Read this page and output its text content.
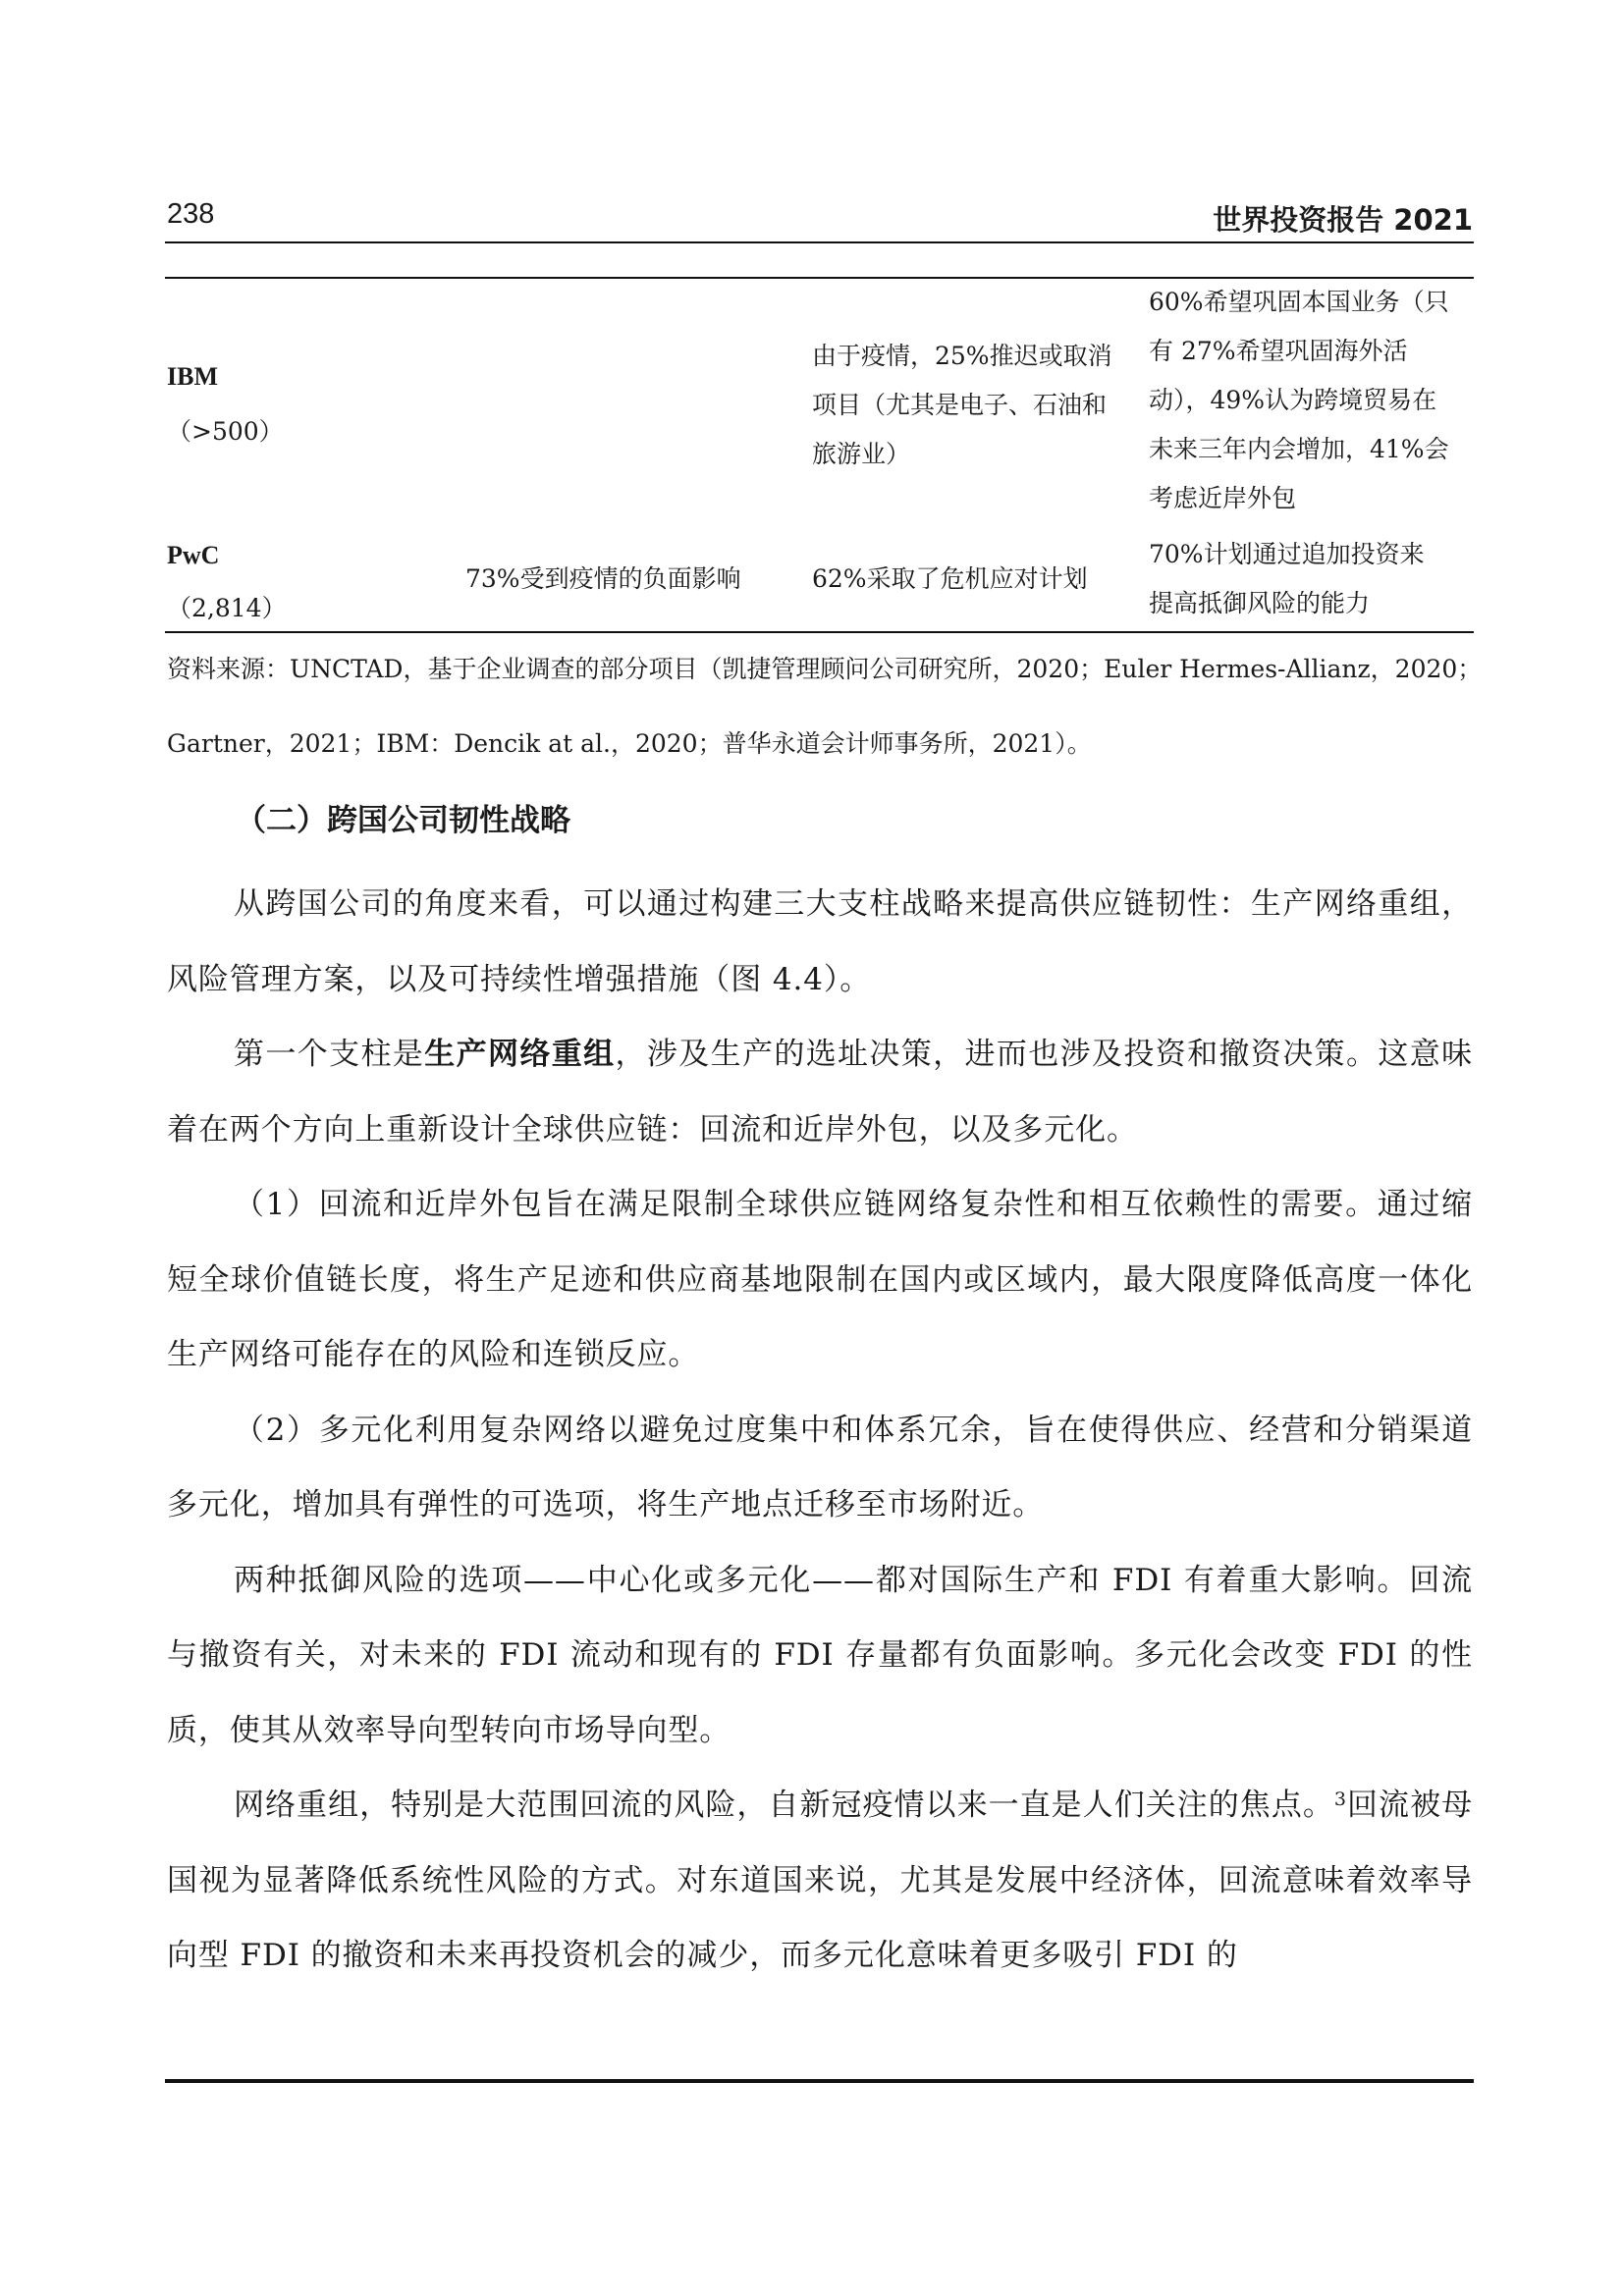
238	世界投资报告 2021
IBM
（>500）
由于疫情，25%推迟或取消
项目（尤其是电子、石油和
旅游业）
60%希望巩固本国业务（只
有 27%希望巩固海外活
动），49%认为跨境贸易在
未来三年内会增加，41%会
考虑近岸外包
PwC
（2,814）
73%受到疫情的负面影响	62%采取了危机应对计划
70%计划通过追加投资来
提高抵御风险的能力
资料来源：UNCTAD，基于企业调查的部分项目（凯捷管理顾问公司研究所，2020；Euler Hermes‑Allianz，2020；
Gartner，2021；IBM：Dencik at al.，2020；普华永道会计师事务所，2021）。
（二）跨国公司韧性战略

从跨国公司的角度来看，可以通过构建三大支柱战略来提高供应链韧性：生产网络重组，风险管理方案，以及可持续性增强措施（图 4.4）。

第一个支柱是生产网络重组，涉及生产的选址决策，进而也涉及投资和撤资决策。这意味着在两个方向上重新设计全球供应链：回流和近岸外包，以及多元化。

（1）回流和近岸外包旨在满足限制全球供应链网络复杂性和相互依赖性的需要。通过缩短全球价值链长度，将生产足迹和供应商基地限制在国内或区域内，最大限度降低高度一体化生产网络可能存在的风险和连锁反应。

（2）多元化利用复杂网络以避免过度集中和体系冗余，旨在使得供应、经营和分销渠道多元化，增加具有弹性的可选项，将生产地点迁移至市场附近。

两种抵御风险的选项——中心化或多元化——都对国际生产和 FDI 有着重大影响。回流与撤资有关，对未来的 FDI 流动和现有的 FDI 存量都有负面影响。多元化会改变 FDI 的性质，使其从效率导向型转向市场导向型。

网络重组，特别是大范围回流的风险，自新冠疫情以来一直是人们关注的焦点。$^3$回流被母国视为显著降低系统性风险的方式。对东道国来说，尤其是发展中经济体，回流意味着效率导向型 FDI 的撤资和未来再投资机会的减少，而多元化意味着更多吸引 FDI 的
